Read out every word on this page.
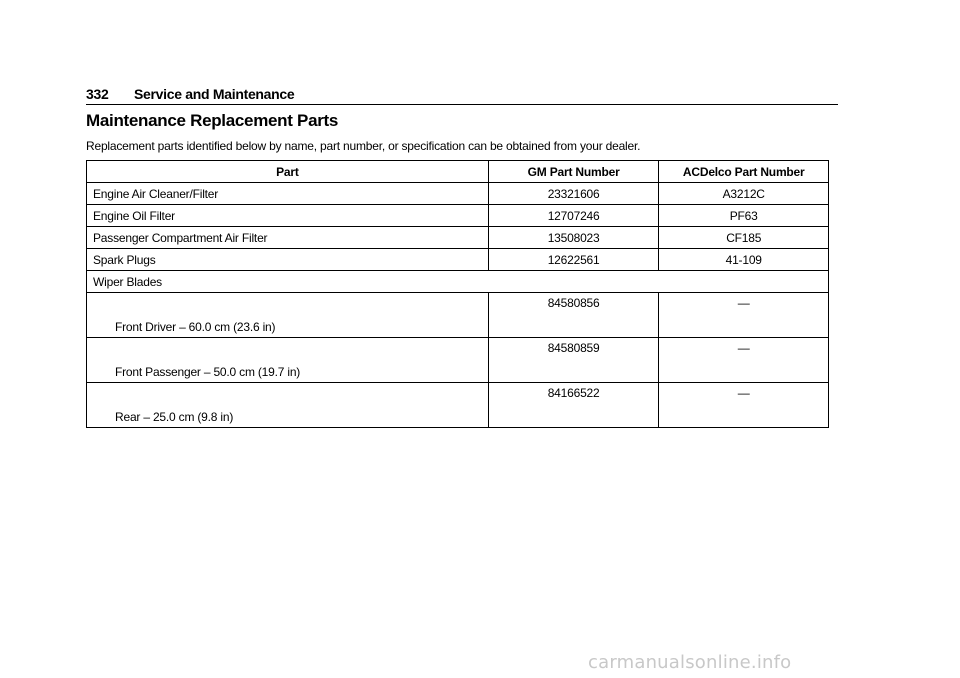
332	Service and Maintenance
Maintenance Replacement Parts

Replacement parts identified below by name, part number, or specification can be obtained from your dealer.

Part	GM Part Number	ACDelco Part Number
Engine Air Cleaner/Filter	23321606	A3212C
Engine Oil Filter	12707246	PF63
Passenger Compartment Air Filter	13508023	CF185
Spark Plugs	12622561	41-109
Wiper Blades		
Front Driver – 60.0 cm (23.6 in)	84580856	—
Front Passenger – 50.0 cm (19.7 in)	84580859	—
Rear – 25.0 cm (9.8 in)	84166522	—
carmanualsonline.info
